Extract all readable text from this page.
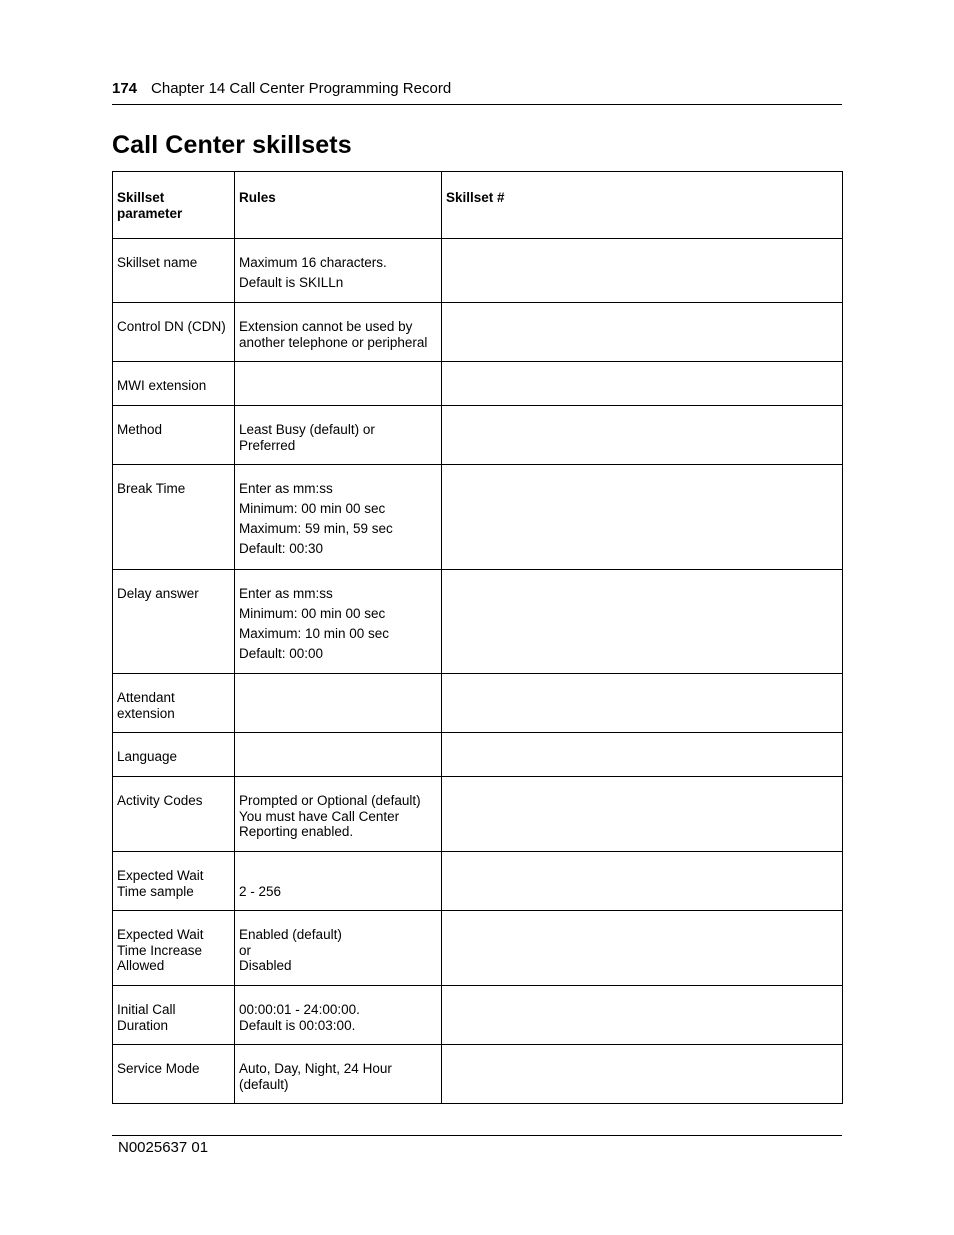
174 Chapter 14 Call Center Programming Record
Call Center skillsets
Skillset parameter	Rules	Skillset #

Skillset name	Maximum 16 characters.
Default is SKILLn	

Control DN (CDN)	Extension cannot be used by
another telephone or peripheral	

MWI extension		

Method	Least Busy (default) or
Preferred	

Break Time	Enter as mm:ss
Minimum: 00 min 00 sec
Maximum: 59 min, 59 sec
Default: 00:30	

Delay answer	Enter as mm:ss
Minimum: 00 min 00 sec
Maximum: 10 min 00 sec
Default: 00:00	

Attendant
extension		

Language		

Activity Codes	Prompted or Optional (default)
You must have Call Center
Reporting enabled.	

Expected Wait
Time sample	2 - 256	

Expected Wait
Time Increase
Allowed	Enabled (default)
or
Disabled	

Initial Call
Duration	00:00:01 - 24:00:00.
Default is 00:03:00.	

Service Mode	Auto, Day, Night, 24 Hour
(default)	

N0025637 01
